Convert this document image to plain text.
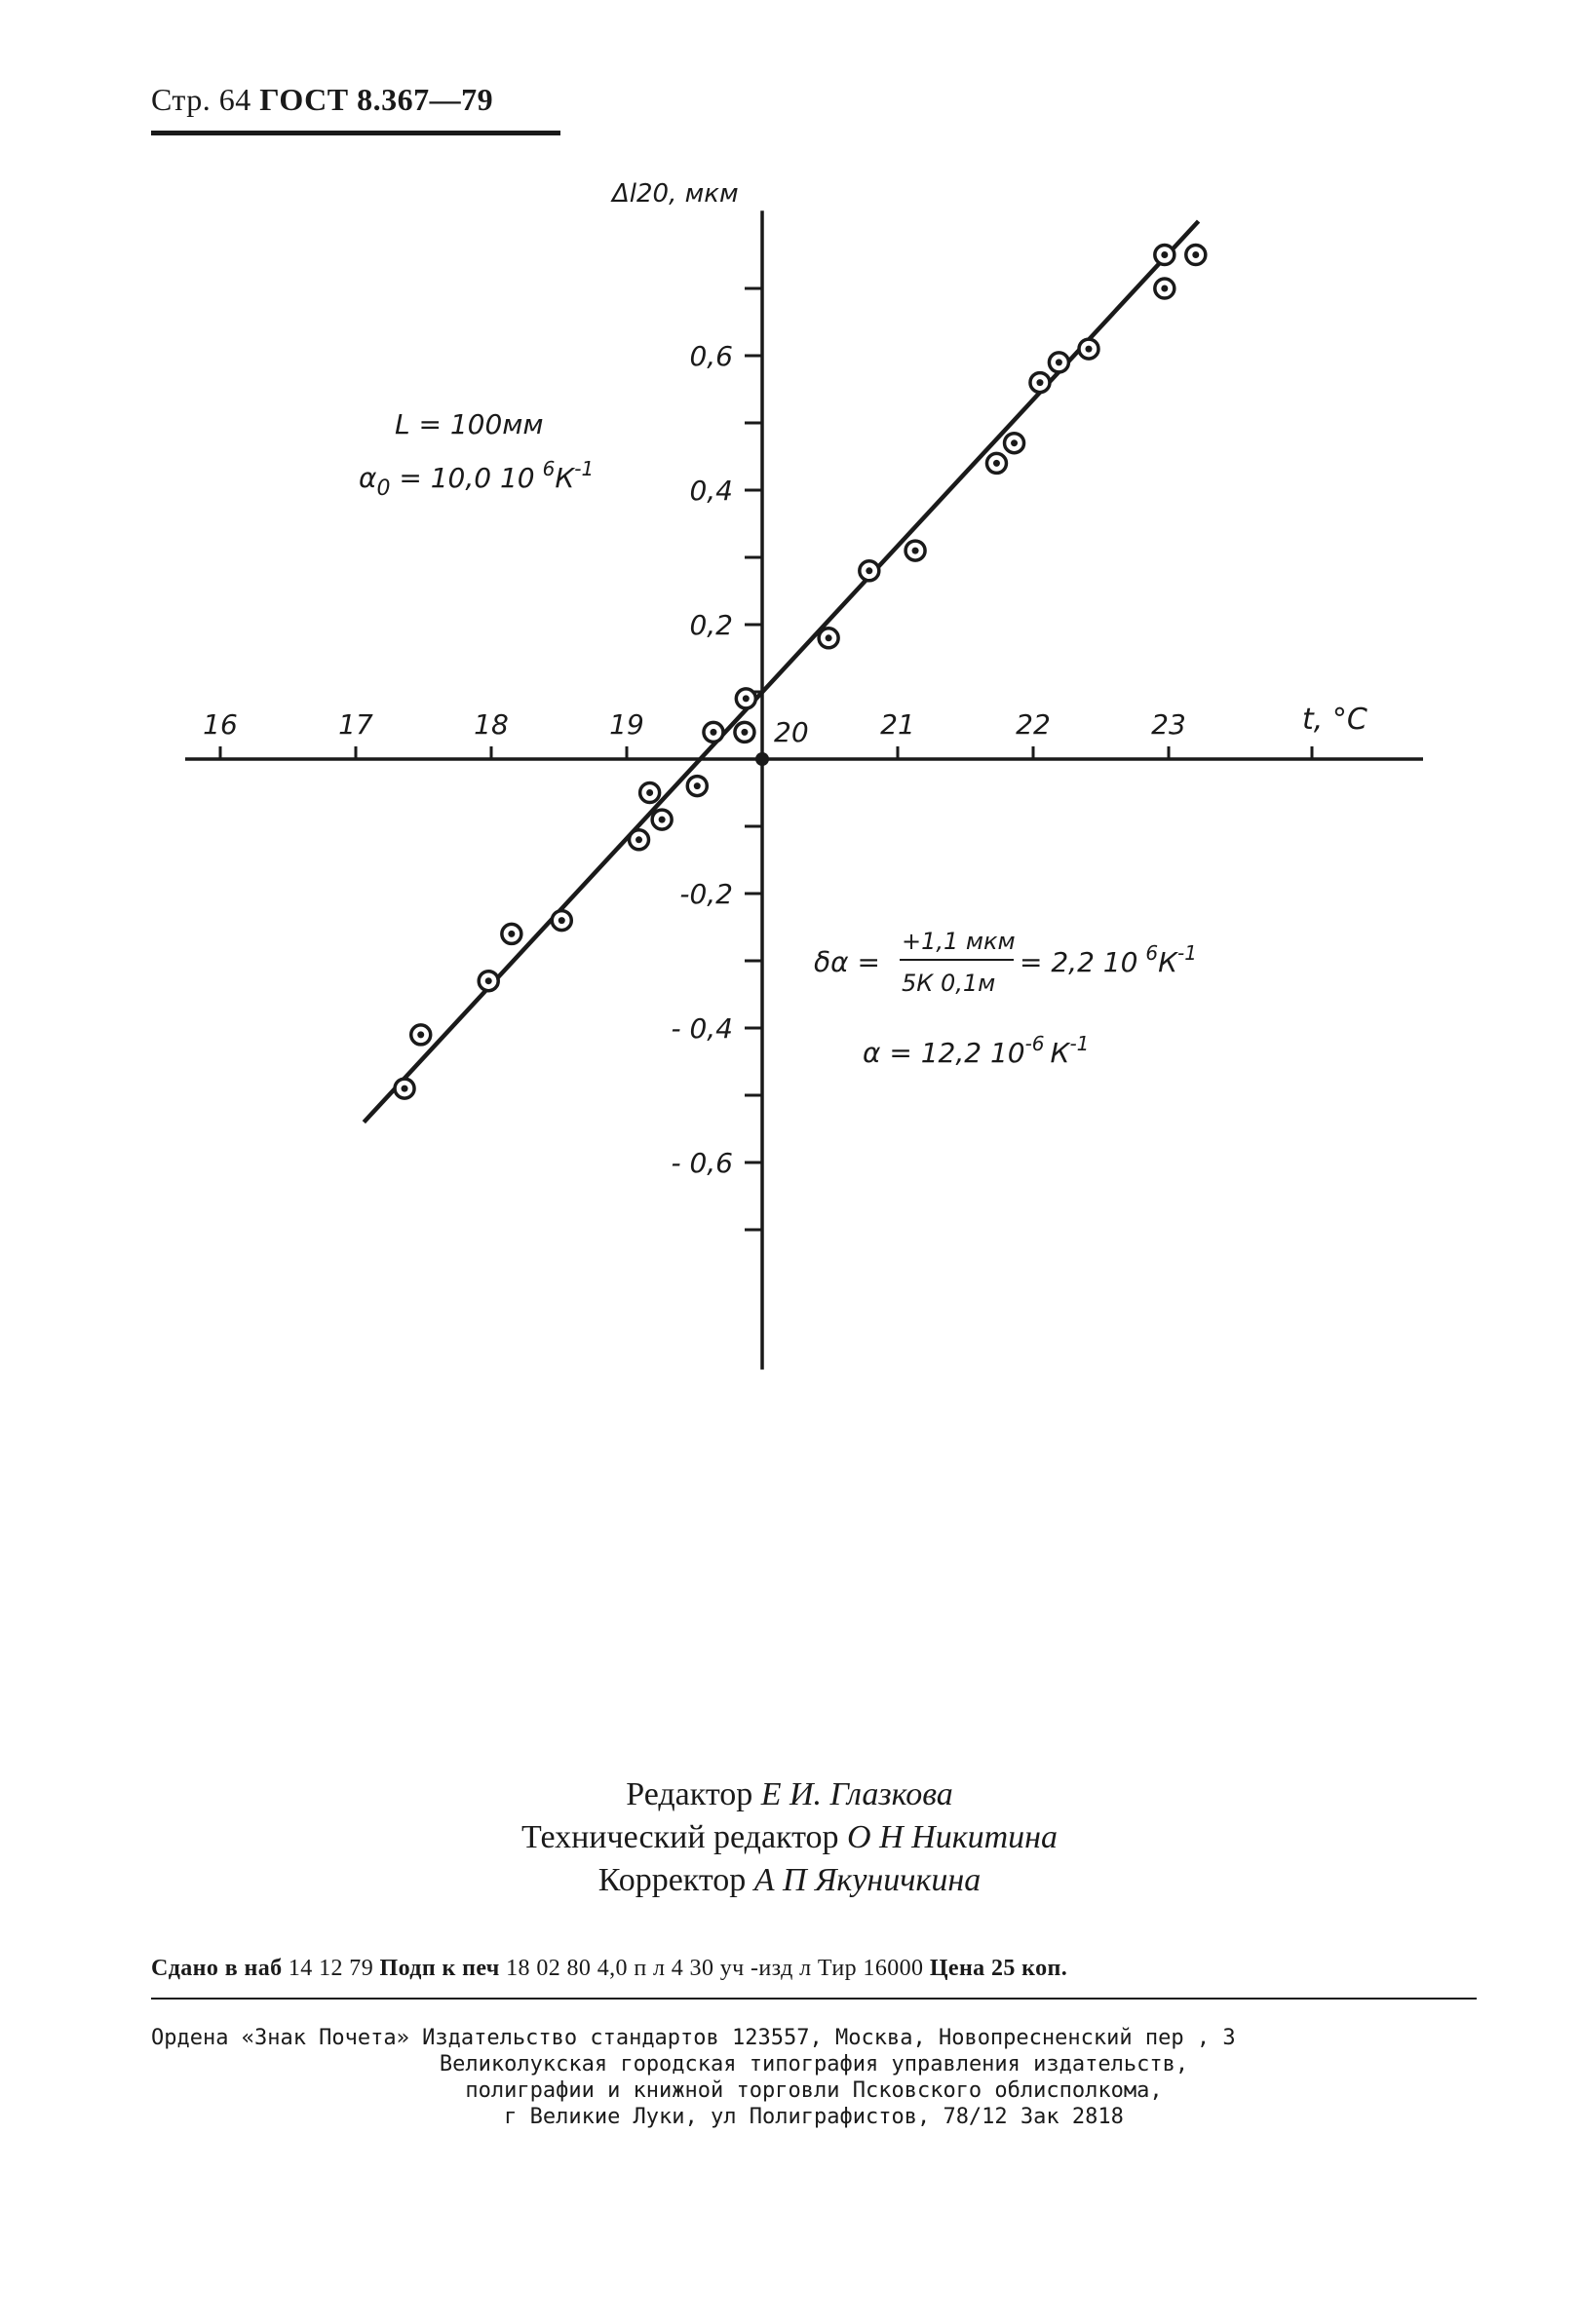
Стр. 64 ГОСТ 8.367—79
16	17	18	19	20	21	22	23
0,6
0,4
0,2
-0,2
- 0,4
- 0,6
Δl20, мкм
t, °C
L = 100мм
$\alpha_0 = 10,0$ 10 $^6К^{-1}$
δα =
+1,1 мкм
5К 0,1м
= 2,2 10 $^6К^{-1}$
α = 12,2 $10^{-6}$ $К^{-1}$
Редактор Е И. Глазкова
Технический редактор О Н Никитина
Корректор А П Якуничкина
Сдано в наб 14 12 79 Подп к печ 18 02 80 4,0 п л 4 30 уч -изд л Тир 16000 Цена 25 коп.
Ордена «Знак Почета» Издательство стандартов 123557, Москва, Новопресненский пер , 3
Великолукская городская типография управления издательств,
полиграфии и книжной торговли Псковского облисполкома,
г Великие Луки, ул Полиграфистов, 78/12 Зак 2818
